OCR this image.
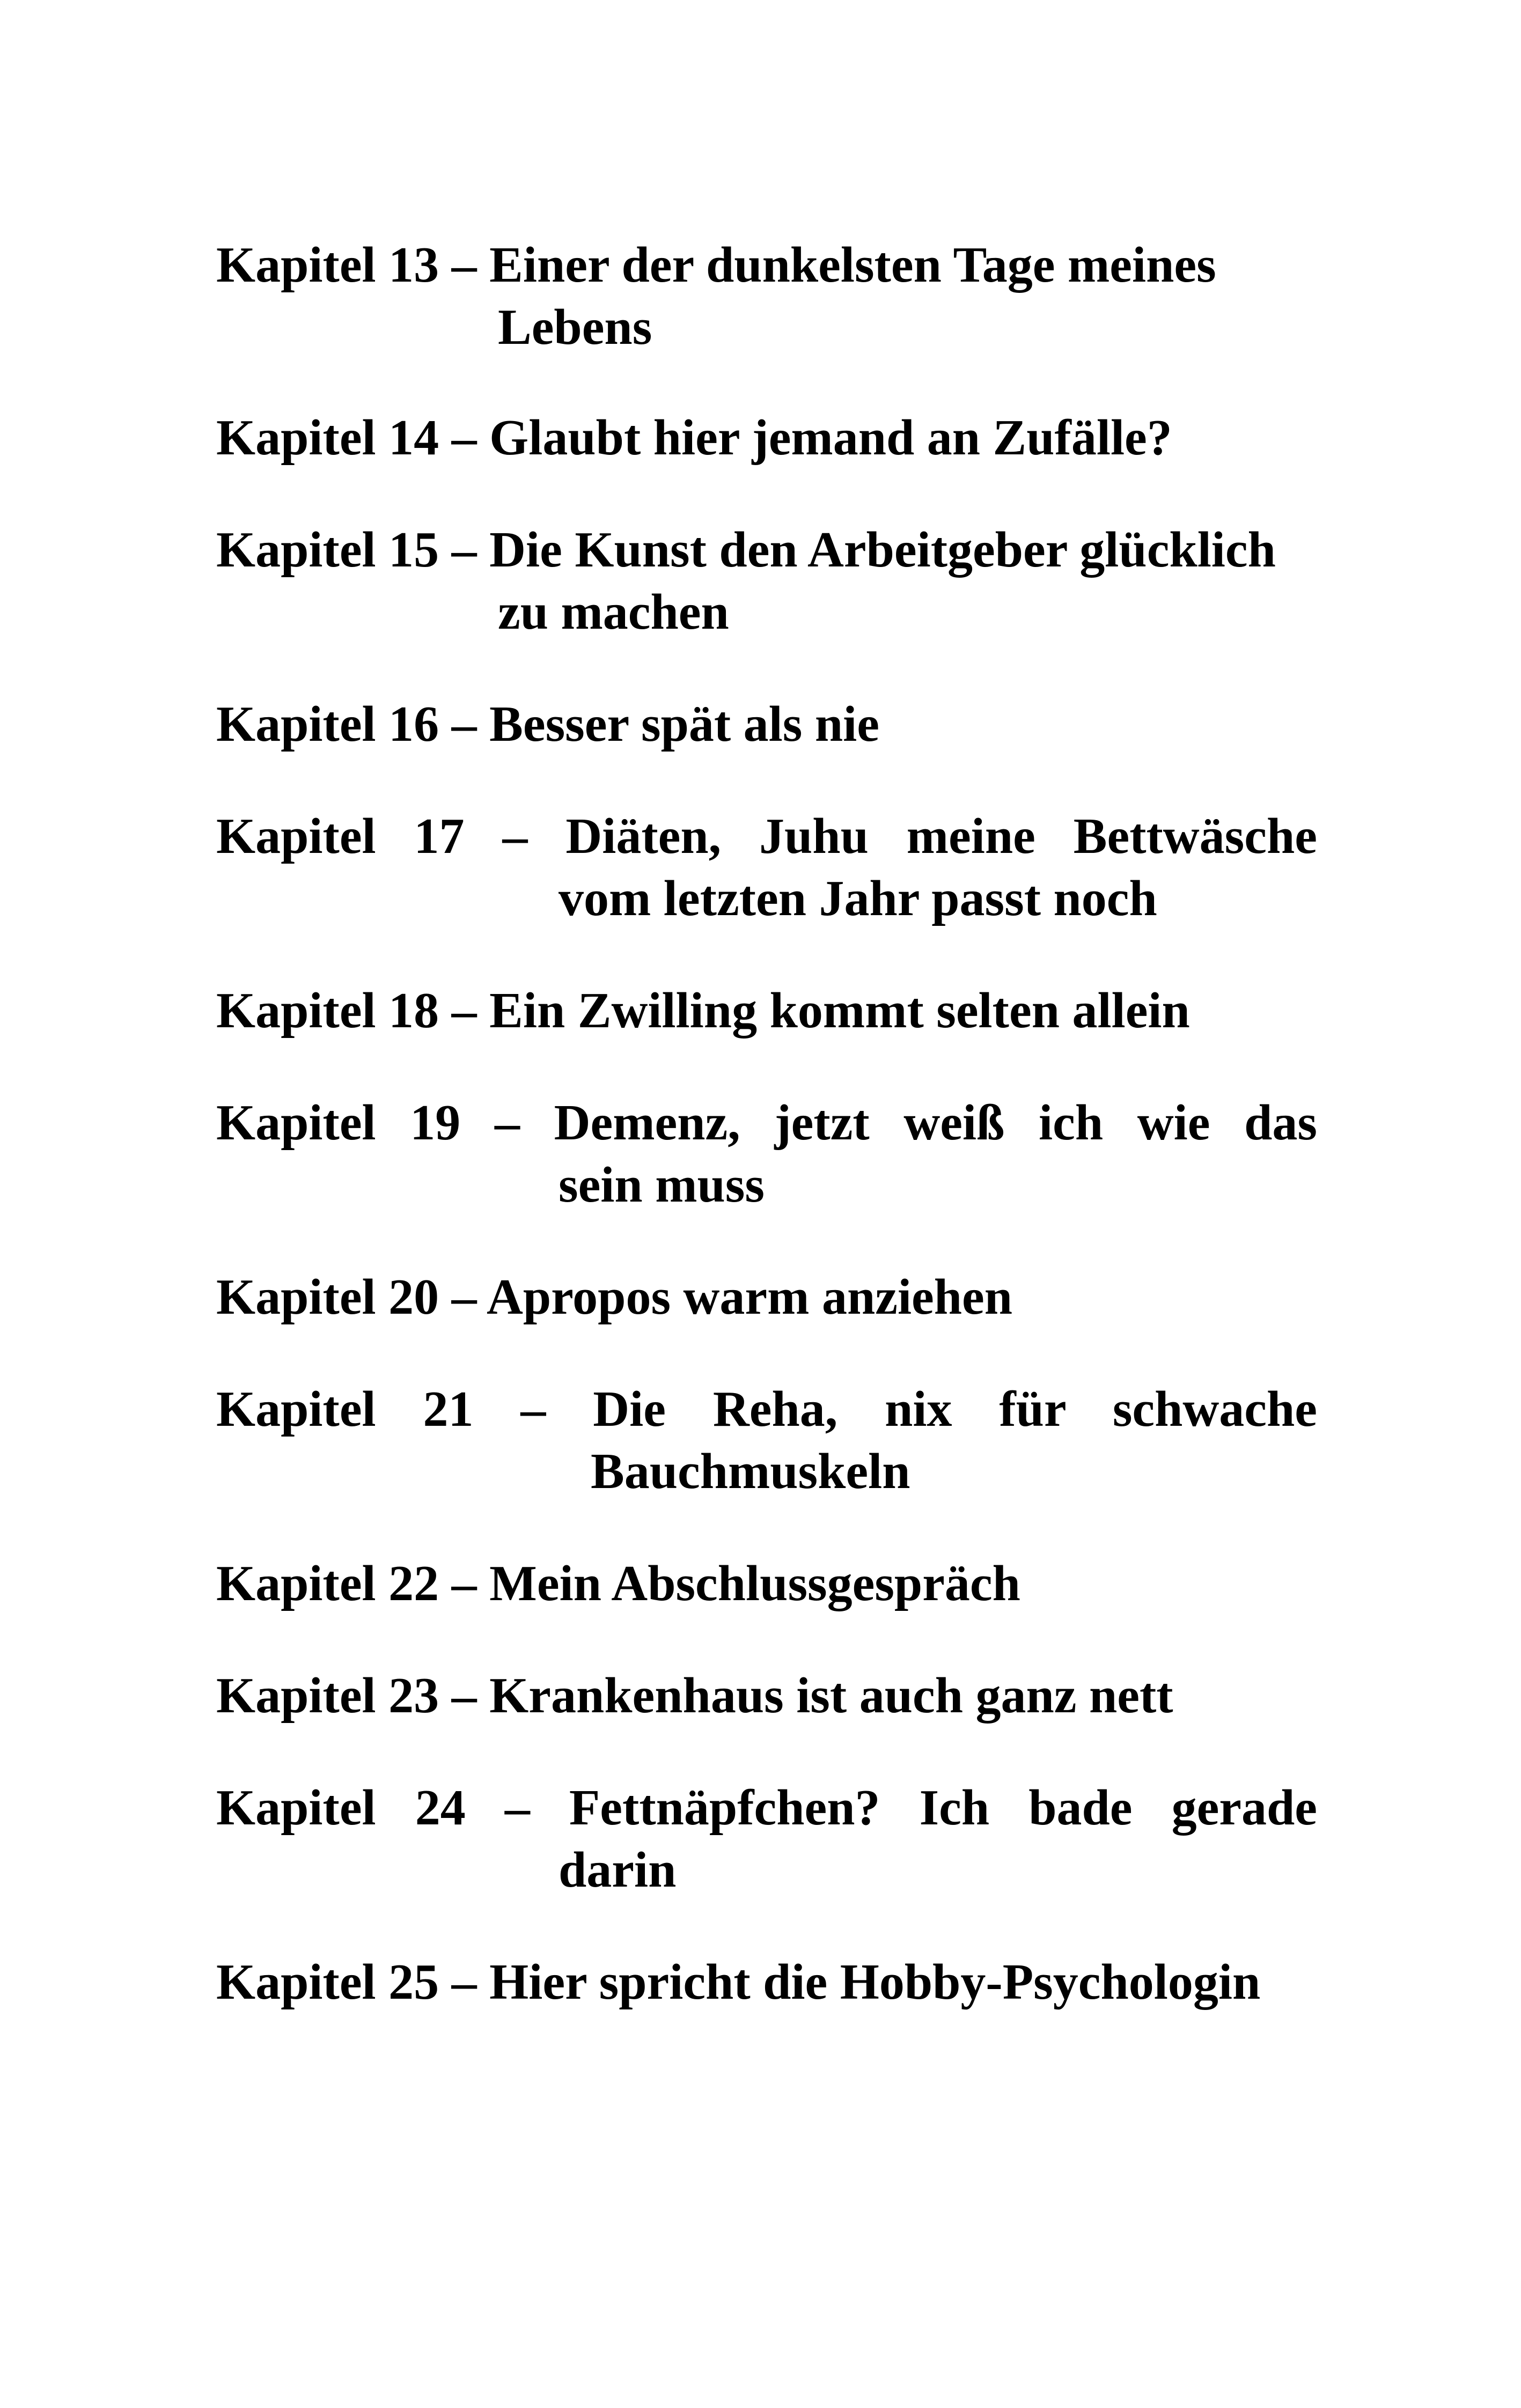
Kapitel 13 – Einer der dunkelsten Tage meines
Lebens
Kapitel 14 – Glaubt hier jemand an Zufälle?
Kapitel 15 – Die Kunst den Arbeitgeber glücklich
zu machen
Kapitel 16 – Besser spät als nie
Kapitel 17 – Diäten, Juhu meine Bettwäsche
vom letzten Jahr passt noch
Kapitel 18 – Ein Zwilling kommt selten allein
Kapitel 19 – Demenz, jetzt weiß ich wie das
sein muss
Kapitel 20 – Apropos warm anziehen
Kapitel 21 – Die Reha, nix für schwache
Bauchmuskeln
Kapitel 22 – Mein Abschlussgespräch
Kapitel 23 – Krankenhaus ist auch ganz nett
Kapitel 24 – Fettnäpfchen? Ich bade gerade
darin
Kapitel 25 – Hier spricht die Hobby-Psychologin
